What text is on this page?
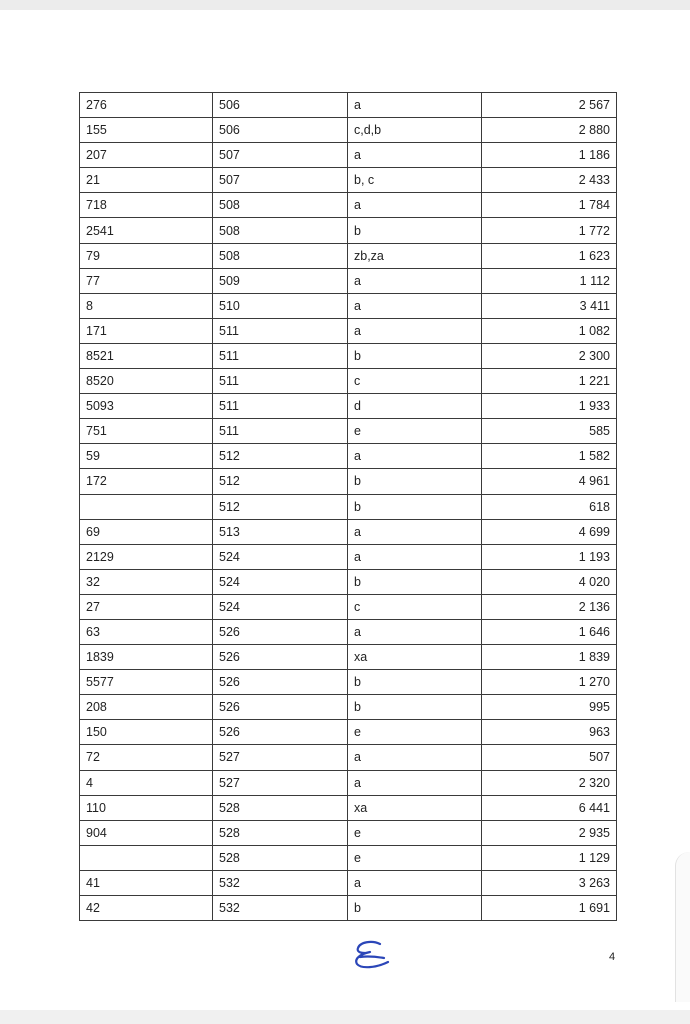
276	506	a	2 567
155	506	c,d,b	2 880
207	507	a	1 186
21	507	b, c	2 433
718	508	a	1 784
2541	508	b	1 772
79	508	zb,za	1 623
77	509	a	1 112
8	510	a	3 411
171	511	a	1 082
8521	511	b	2 300
8520	511	c	1 221
5093	511	d	1 933
751	511	e	585
59	512	a	1 582
172	512	b	4 961
	512	b	618
69	513	a	4 699
2129	524	a	1 193
32	524	b	4 020
27	524	c	2 136
63	526	a	1 646
1839	526	xa	1 839
5577	526	b	1 270
208	526	b	995
150	526	e	963
72	527	a	507
4	527	a	2 320
110	528	xa	6 441
904	528	e	2 935
	528	e	1 129
41	532	a	3 263
42	532	b	1 691
4
